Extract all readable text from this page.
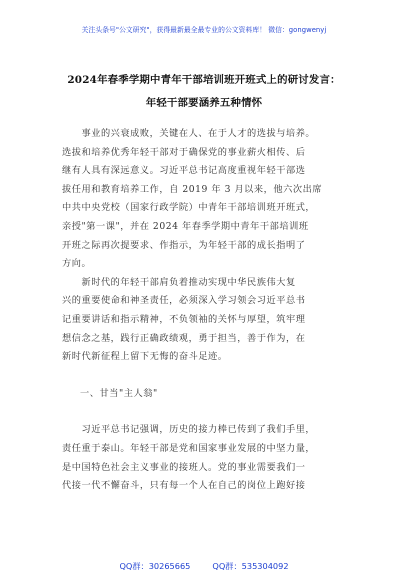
关注头条号"公文研究"，获得最新最全最专业的公文资料库！ 微信：gongwenyj
2024年春季学期中青年干部培训班开班式上的研讨发言：
年轻干部要涵养五种情怀

　　事业的兴衰成败，关键在人、在于人才的选拔与培养。

选拔和培养优秀年轻干部对于确保党的事业薪火相传、后

继有人具有深远意义。习近平总书记高度重视年轻干部选

拔任用和教育培养工作，自 2019 年 3 月以来，他六次出席

中共中央党校（国家行政学院）中青年干部培训班开班式，

亲授"第一课"，并在 2024 年春季学期中青年干部培训班

开班之际再次提要求、作指示，为年轻干部的成长指明了

方向。

　　新时代的年轻干部肩负着推动实现中华民族伟大复

兴的重要使命和神圣责任，必须深入学习领会习近平总书

记重要讲话和指示精神，不负领袖的关怀与厚望，筑牢理

想信念之基，践行正确政绩观，勇于担当，善于作为，在

新时代新征程上留下无悔的奋斗足迹。

一、甘当"主人翁"

　　习近平总书记强调，历史的接力棒已传到了我们手里，

责任重于泰山。年轻干部是党和国家事业发展的中坚力量，

是中国特色社会主义事业的接班人。党的事业需要我们一

代接一代不懈奋斗，只有每一个人在自己的岗位上跑好接

QQ群：30265665	QQ群：535304092
